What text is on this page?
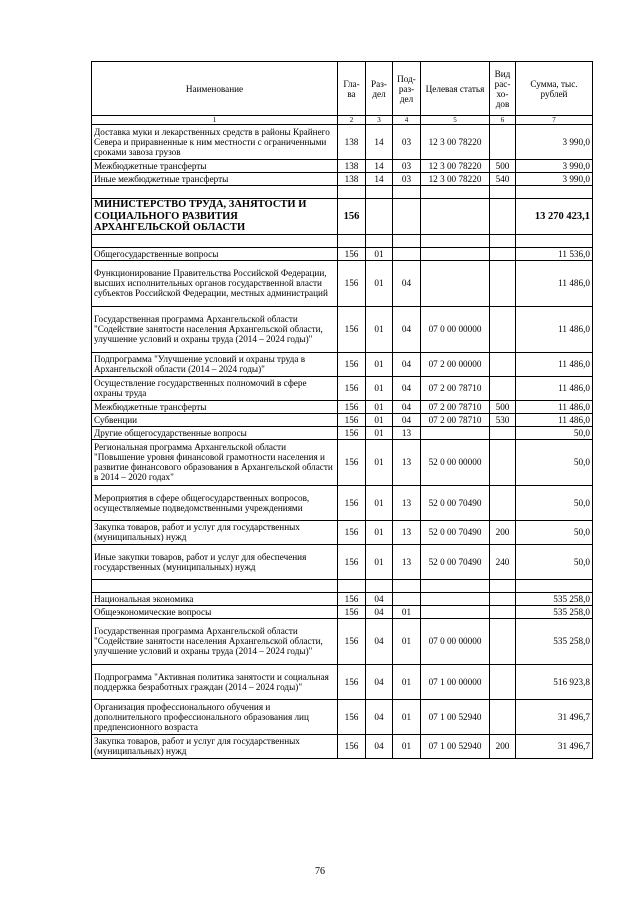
Наименование	Гла-ва	Раз-дел	Под-раз-дел	Целевая статья	Вид рас-хо-дов	Сумма, тыс. рублей
1	2	3	4	5	6	7
Доставка муки и лекарственных средств в районы Крайнего Севера и приравненные к ним местности с ограниченными сроками завоза грузов	138	14	03	12 3 00 78220		3 990,0
Межбюджетные трансферты	138	14	03	12 3 00 78220	500	3 990,0
Иные межбюджетные трансферты	138	14	03	12 3 00 78220	540	3 990,0

МИНИСТЕРСТВО ТРУДА, ЗАНЯТОСТИ И СОЦИАЛЬНОГО РАЗВИТИЯ АРХАНГЕЛЬСКОЙ ОБЛАСТИ	156					13 270 423,1

Общегосударственные вопросы	156	01				11 536,0
Функционирование Правительства Российской Федерации, высших исполнительных органов государственной власти субъектов Российской Федерации, местных администраций	156	01	04			11 486,0
Государственная программа Архангельской области "Содействие занятости населения Архангельской области, улучшение условий и охраны труда (2014 – 2024 годы)"	156	01	04	07 0 00 00000		11 486,0
Подпрограмма "Улучшение условий и охраны труда в Архангельской области (2014 – 2024 годы)"	156	01	04	07 2 00 00000		11 486,0
Осуществление государственных полномочий в сфере охраны труда	156	01	04	07 2 00 78710		11 486,0
Межбюджетные трансферты	156	01	04	07 2 00 78710	500	11 486,0
Субвенции	156	01	04	07 2 00 78710	530	11 486,0
Другие общегосударственные вопросы	156	01	13			50,0
Региональная программа Архангельской области "Повышение уровня финансовой грамотности населения и развитие финансового образования в Архангельской области в 2014 – 2020 годах"	156	01	13	52 0 00 00000		50,0
Мероприятия в сфере общегосударственных вопросов, осуществляемые подведомственными учреждениями	156	01	13	52 0 00 70490		50,0
Закупка товаров, работ и услуг для государственных (муниципальных) нужд	156	01	13	52 0 00 70490	200	50,0
Иные закупки товаров, работ и услуг для обеспечения государственных (муниципальных) нужд	156	01	13	52 0 00 70490	240	50,0

Национальная экономика	156	04				535 258,0
Общеэкономические вопросы	156	04	01			535 258,0
Государственная программа Архангельской области "Содействие занятости населения Архангельской области, улучшение условий и охраны труда (2014 – 2024 годы)"	156	04	01	07 0 00 00000		535 258,0
Подпрограмма "Активная политика занятости и социальная поддержка безработных граждан (2014 – 2024 годы)"	156	04	01	07 1 00 00000		516 923,8
Организация профессионального обучения и дополнительного профессионального образования лиц предпенсионного возраста	156	04	01	07 1 00 52940		31 496,7
Закупка товаров, работ и услуг для государственных (муниципальных) нужд	156	04	01	07 1 00 52940	200	31 496,7
76
